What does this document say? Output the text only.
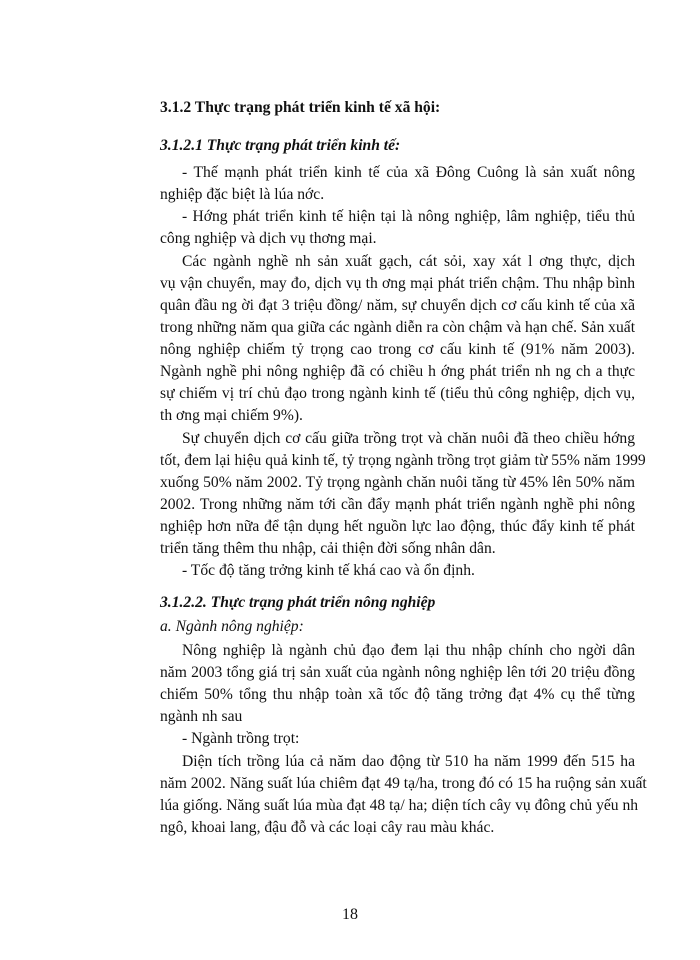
3.1.2 Thực trạng phát triển kinh tế xã hội:
3.1.2.1 Thực trạng phát triển kinh tế:
- Thế mạnh phát triển kinh tế của xã Đông Cuông là sản xuất nông
nghiệp đặc biệt là lúa nớc.
- Hớng phát triển kinh tế hiện tại là nông nghiệp, lâm nghiệp, tiểu thủ
công nghiệp và dịch vụ thơng mại.
Các ngành nghề nh sản xuất gạch, cát sỏi, xay xát l ơng thực, dịch
vụ vận chuyển, may đo, dịch vụ th ơng mại phát triển chậm. Thu nhập bình
quân đầu ng ời đạt 3 triệu đồng/ năm, sự chuyển dịch cơ cấu kinh tế của xã
trong những năm qua giữa các ngành diễn ra còn chậm và hạn chế. Sản xuất
nông nghiệp chiếm tỷ trọng cao trong cơ cấu kinh tế (91% năm 2003).
Ngành nghề phi nông nghiệp đã có chiều h ớng phát triển nh ng ch a thực
sự chiếm vị trí chủ đạo trong ngành kinh tế (tiểu thủ công nghiệp, dịch vụ,
th ơng mại chiếm 9%).
Sự chuyển dịch cơ cấu giữa trồng trọt và chăn nuôi đã theo chiều hớng
tốt, đem lại hiệu quả kinh tế, tỷ trọng ngành trồng trọt giảm từ 55% năm 1999
xuống 50% năm 2002. Tỷ trọng ngành chăn nuôi tăng từ 45% lên 50% năm
2002. Trong những năm tới cần đẩy mạnh phát triển ngành nghề phi nông
nghiệp hơn nữa để tận dụng hết nguồn lực lao động, thúc đẩy kinh tế phát
triển tăng thêm thu nhập, cải thiện đời sống nhân dân.
- Tốc độ tăng trởng kinh tế khá cao và ổn định.
3.1.2.2. Thực trạng phát triển nông nghiệp
a. Ngành nông nghiệp:
Nông nghiệp là ngành chủ đạo đem lại thu nhập chính cho ngời dân
năm 2003 tổng giá trị sản xuất của ngành nông nghiệp lên tới 20 triệu đồng
chiếm 50% tổng thu nhập toàn xã tốc độ tăng trởng đạt 4% cụ thể từng
ngành nh sau
- Ngành trồng trọt:
Diện tích trồng lúa cả năm dao động từ 510 ha năm 1999 đến 515 ha
năm 2002. Năng suất lúa chiêm đạt 49 tạ/ha, trong đó có 15 ha ruộng sản xuất
lúa giống. Năng suất lúa mùa đạt 48 tạ/ ha; diện tích cây vụ đông chủ yếu nh
ngô, khoai lang, đậu đỗ và các loại cây rau màu khác.
18
